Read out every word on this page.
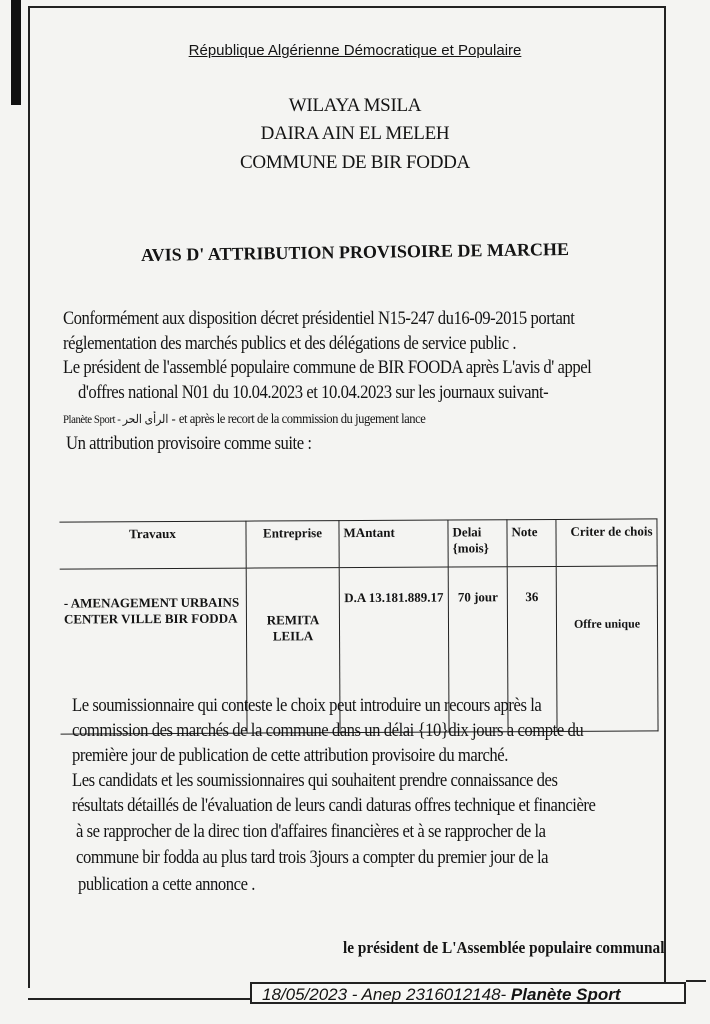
République Algérienne Démocratique et Populaire
WILAYA MSILA
DAIRA AIN EL MELEH
COMMUNE DE BIR FODDA
AVIS D' ATTRIBUTION PROVISOIRE DE MARCHE
Conformément aux disposition décret présidentiel N15-247 du16-09-2015 portant
réglementation des marchés publics et des délégations de service public .
Le président de l'assemblé populaire commune de BIR FOODA après L'avis d' appel
d'offres national N01 du 10.04.2023 et 10.04.2023 sur les journaux suivant-
Planète Sport - الرأى الحر - et après le recort de la commission du jugement lance
Un attribution provisoire comme suite :
Travaux	Entreprise	MAntant	Delai {mois}	Note	Criter de chois
- AMENAGEMENT URBAINS CENTER VILLE BIR FODDA	REMITA LEILA	D.A 13.181.889.17	70 jour	36	Offre unique
Le soumissionnaire qui conteste le choix peut introduire un recours après la
commission des marchés de la commune dans un délai {10}dix jours a compte du
première jour de publication de cette attribution provisoire du marché.
Les candidats et les soumissionnaires qui souhaitent prendre connaissance des
résultats détaillés de l'évaluation de leurs candi daturas offres technique et financière
à se rapprocher de la direc tion d'affaires financières et à se rapprocher de la
commune bir fodda au plus tard trois 3jours a compter du premier jour de la
publication a cette annonce .
le président de L'Assemblée populaire communal
18/05/2023 - Anep 2316012148- Planète Sport
